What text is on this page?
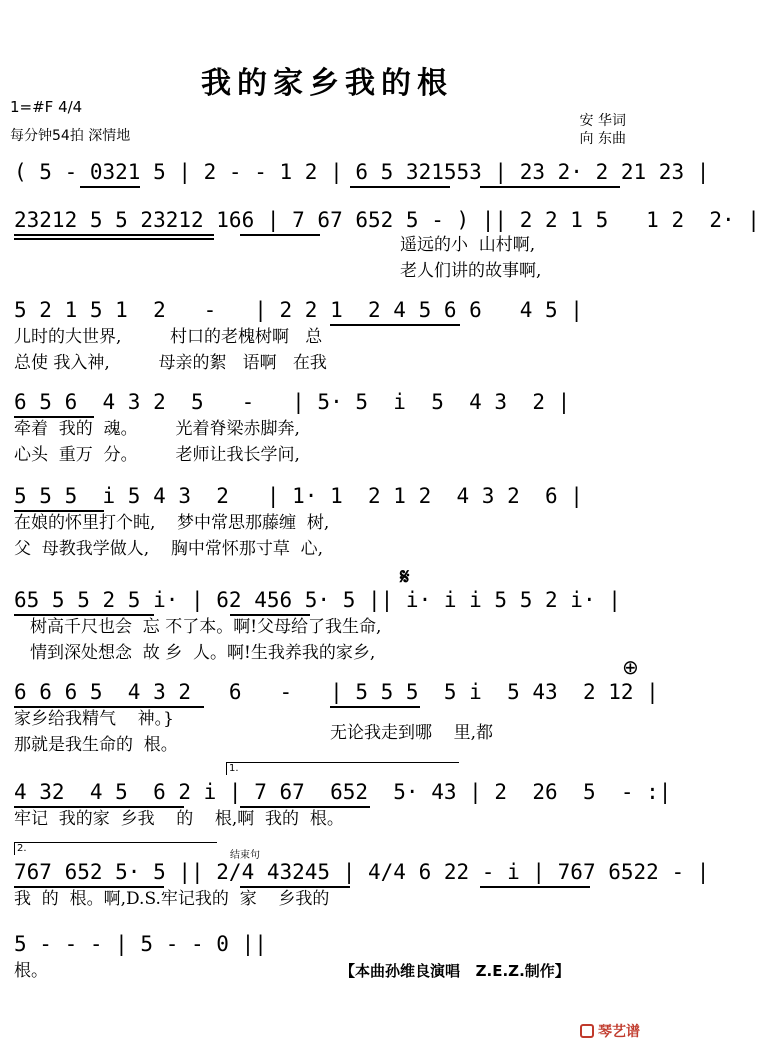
我的家乡我的根
1=#F 4/4
每分钟54拍 深情地
安 华词
向 东曲
( 5 - 0321 5 | 2 - - 1 2 | 6 5 321553 | 23 2· 2 21 23 |
23212 5 5 23212 166 | 7 67 652 5 - ) || 2 2 1 5   1 2  2· |
遥远的小  山村啊,
老人们讲的故事啊,
5 2 1 5 1  2   -   | 2 2 1  2 4 5 6 6   4 5 |
儿时的大世界,         村口的老槐树啊   总
总使 我入神,         母亲的絮   语啊   在我
6 5 6  4 3 2  5   -   | 5· 5  i  5  4 3  2 |
牵着  我的  魂。       光着脊梁赤脚奔,
心头  重万  分。       老师让我长学问,
5 5 5  i 5 4 3  2   | 1· 1  2 1 2  4 3 2  6 |
在娘的怀里打个盹,    梦中常思那藤缠  树,
父  母教我学做人,    胸中常怀那寸草  心,
𝄋
65 5 5 2 5 i· | 62 456 5· 5 || i· i i 5 5 2 i· |
树高千尺也会  忘 不了本。啊!父母给了我生命,
情到深处想念  故 乡  人。啊!生我养我的家乡,
⊕
6 6 6 5  4 3 2   6   -   | 5 5 5  5 i  5 43  2 12 |
家乡给我精气    神。}
那就是我生命的  根。
无论我走到哪    里,都
1.
4 32  4 5  6 2 i | 7 67  652  5· 43 | 2  26  5  - :|
牢记  我的家  乡我    的    根,啊  我的  根。
2.
结束句
767 652 5· 5 || 2/4 43245 | 4/4 6 22 - i | 767 6522 - |
我  的  根。啊,D.S.牢记我的  家    乡我的
5 - - - | 5 - - 0 ||
根。	【本曲孙维良演唱   Z.E.Z.制作】
琴艺谱
